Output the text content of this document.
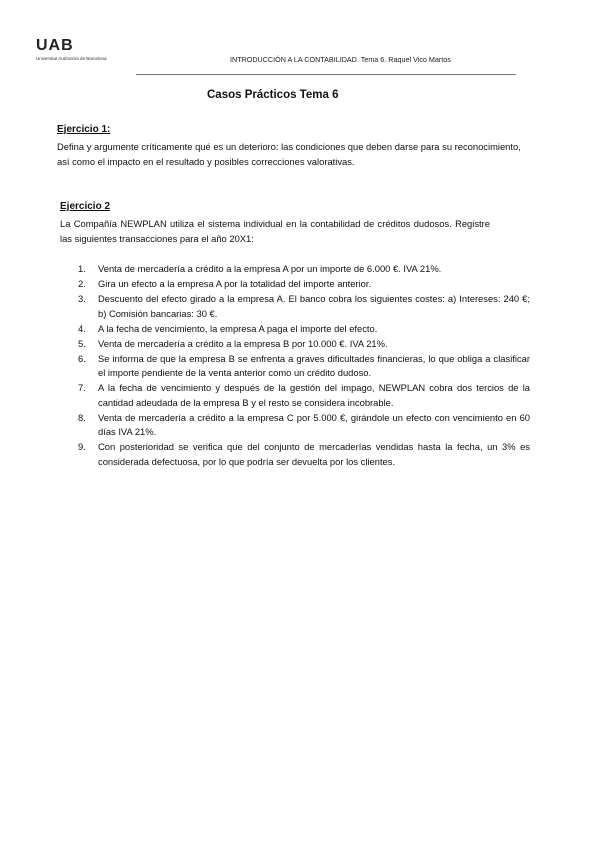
UAB
Universitat Autònoma de Barcelona	INTRODUCCIÓN A LA CONTABILIDAD. Tema 6. Raquel Vico Martos
Casos Prácticos Tema 6
Ejercicio 1:
Defina y argumente críticamente qué es un deterioro: las condiciones que deben darse para su reconocimiento, así como el impacto en el resultado y posibles correcciones valorativas.
Ejercicio 2
La Compañía NEWPLAN utiliza el sistema individual en la contabilidad de créditos dudosos. Registre las siguientes transacciones para el año 20X1:
1. Venta de mercadería a crédito a la empresa A por un importe de 6.000 €. IVA 21%.
2. Gira un efecto a la empresa A por la totalidad del importe anterior.
3. Descuento del efecto girado a la empresa A. El banco cobra los siguientes costes: a) Intereses: 240 €; b) Comisión bancarias: 30 €.
4. A la fecha de vencimiento, la empresa A paga el importe del efecto.
5. Venta de mercadería a crédito a la empresa B por 10.000 €. IVA 21%.
6. Se informa de que la empresa B se enfrenta a graves dificultades financieras, lo que obliga a clasificar el importe pendiente de la venta anterior como un crédito dudoso.
7. A la fecha de vencimiento y después de la gestión del impago, NEWPLAN cobra dos tercios de la cantidad adeudada de la empresa B y el resto se considera incobrable.
8. Venta de mercadería a crédito a la empresa C por 5.000 €, girándole un efecto con vencimiento en 60 días IVA 21%.
9. Con posterioridad se verifica que del conjunto de mercaderías vendidas hasta la fecha, un 3% es considerada defectuosa, por lo que podría ser devuelta por los clientes.
